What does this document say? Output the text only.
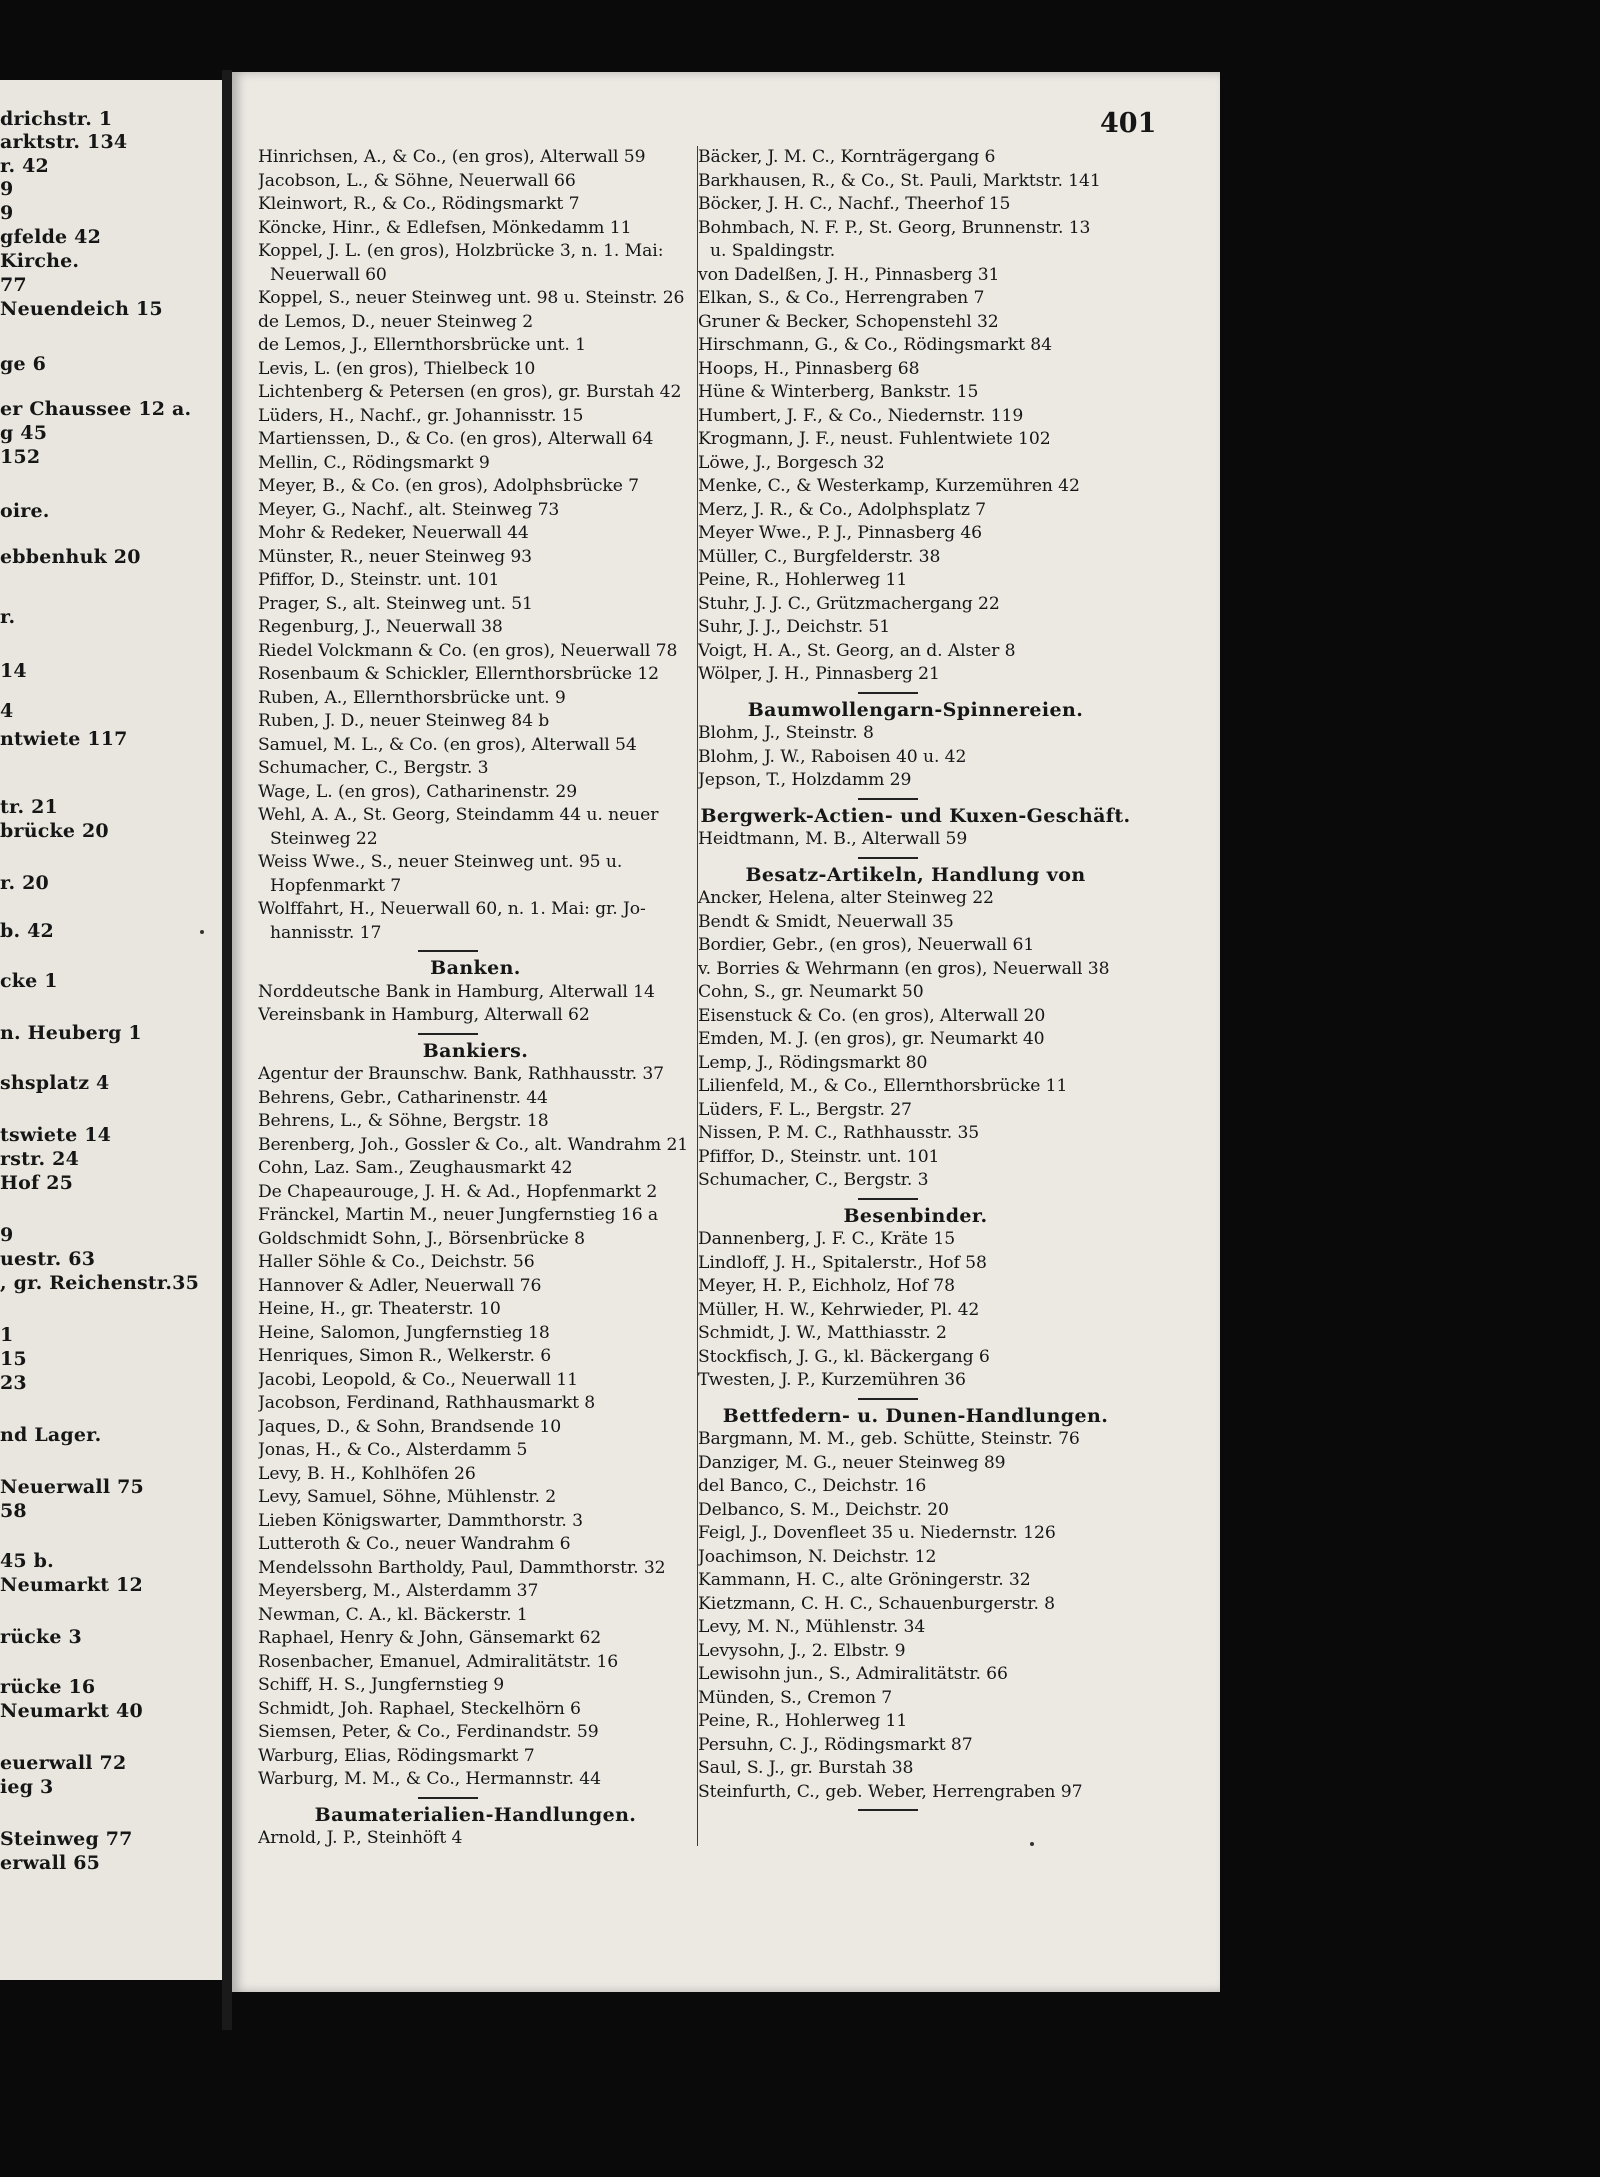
drichstr. 1
arktstr. 134
r. 42
9
9
gfelde 42
Kirche.
77
Neuendeich 15
ge 6
er Chaussee 12 a.
g 45
152
oire.
ebbenhuk 20
r.
14
4
ntwiete 117
tr. 21
brücke 20
r. 20
b. 42
cke 1
n. Heuberg 1
shsplatz 4
tswiete 14
rstr. 24
Hof 25
9
uestr. 63
, gr. Reichenstr.35
1
15
23
nd Lager.
Neuerwall 75
58
45 b.
Neumarkt 12
rücke 3
rücke 16
Neumarkt 40
euerwall 72
ieg 3
Steinweg 77
erwall 65
401
Hinrichsen, A., & Co., (en gros), Alterwall 59
Jacobson, L., & Söhne, Neuerwall 66
Kleinwort, R., & Co., Rödingsmarkt 7
Köncke, Hinr., & Edlefsen, Mönkedamm 11
Koppel, J. L. (en gros), Holzbrücke 3, n. 1. Mai:
Neuerwall 60
Koppel, S., neuer Steinweg unt. 98 u. Steinstr. 26
de Lemos, D., neuer Steinweg 2
de Lemos, J., Ellernthorsbrücke unt. 1
Levis, L. (en gros), Thielbeck 10
Lichtenberg & Petersen (en gros), gr. Burstah 42
Lüders, H., Nachf., gr. Johannisstr. 15
Martienssen, D., & Co. (en gros), Alterwall 64
Mellin, C., Rödingsmarkt 9
Meyer, B., & Co. (en gros), Adolphsbrücke 7
Meyer, G., Nachf., alt. Steinweg 73
Mohr & Redeker, Neuerwall 44
Münster, R., neuer Steinweg 93
Pfiffor, D., Steinstr. unt. 101
Prager, S., alt. Steinweg unt. 51
Regenburg, J., Neuerwall 38
Riedel Volckmann & Co. (en gros), Neuerwall 78
Rosenbaum & Schickler, Ellernthorsbrücke 12
Ruben, A., Ellernthorsbrücke unt. 9
Ruben, J. D., neuer Steinweg 84 b
Samuel, M. L., & Co. (en gros), Alterwall 54
Schumacher, C., Bergstr. 3
Wage, L. (en gros), Catharinenstr. 29
Wehl, A. A., St. Georg, Steindamm 44 u. neuer
Steinweg 22
Weiss Wwe., S., neuer Steinweg unt. 95 u.
Hopfenmarkt 7
Wolffahrt, H., Neuerwall 60, n. 1. Mai: gr. Jo-
hannisstr. 17
Banken.
Norddeutsche Bank in Hamburg, Alterwall 14
Vereinsbank in Hamburg, Alterwall 62
Bankiers.
Agentur der Braunschw. Bank, Rathhausstr. 37
Behrens, Gebr., Catharinenstr. 44
Behrens, L., & Söhne, Bergstr. 18
Berenberg, Joh., Gossler & Co., alt. Wandrahm 21
Cohn, Laz. Sam., Zeughausmarkt 42
De Chapeaurouge, J. H. & Ad., Hopfenmarkt 2
Fränckel, Martin M., neuer Jungfernstieg 16 a
Goldschmidt Sohn, J., Börsenbrücke 8
Haller Söhle & Co., Deichstr. 56
Hannover & Adler, Neuerwall 76
Heine, H., gr. Theaterstr. 10
Heine, Salomon, Jungfernstieg 18
Henriques, Simon R., Welkerstr. 6
Jacobi, Leopold, & Co., Neuerwall 11
Jacobson, Ferdinand, Rathhausmarkt 8
Jaques, D., & Sohn, Brandsende 10
Jonas, H., & Co., Alsterdamm 5
Levy, B. H., Kohlhöfen 26
Levy, Samuel, Söhne, Mühlenstr. 2
Lieben Königswarter, Dammthorstr. 3
Lutteroth & Co., neuer Wandrahm 6
Mendelssohn Bartholdy, Paul, Dammthorstr. 32
Meyersberg, M., Alsterdamm 37
Newman, C. A., kl. Bäckerstr. 1
Raphael, Henry & John, Gänsemarkt 62
Rosenbacher, Emanuel, Admiralitätstr. 16
Schiff, H. S., Jungfernstieg 9
Schmidt, Joh. Raphael, Steckelhörn 6
Siemsen, Peter, & Co., Ferdinandstr. 59
Warburg, Elias, Rödingsmarkt 7
Warburg, M. M., & Co., Hermannstr. 44
Baumaterialien-Handlungen.
Arnold, J. P., Steinhöft 4
Bäcker, J. M. C., Kornträgergang 6
Barkhausen, R., & Co., St. Pauli, Marktstr. 141
Böcker, J. H. C., Nachf., Theerhof 15
Bohmbach, N. F. P., St. Georg, Brunnenstr. 13
u. Spaldingstr.
von Dadelßen, J. H., Pinnasberg 31
Elkan, S., & Co., Herrengraben 7
Gruner & Becker, Schopenstehl 32
Hirschmann, G., & Co., Rödingsmarkt 84
Hoops, H., Pinnasberg 68
Hüne & Winterberg, Bankstr. 15
Humbert, J. F., & Co., Niedernstr. 119
Krogmann, J. F., neust. Fuhlentwiete 102
Löwe, J., Borgesch 32
Menke, C., & Westerkamp, Kurzemühren 42
Merz, J. R., & Co., Adolphsplatz 7
Meyer Wwe., P. J., Pinnasberg 46
Müller, C., Burgfelderstr. 38
Peine, R., Hohlerweg 11
Stuhr, J. J. C., Grützmachergang 22
Suhr, J. J., Deichstr. 51
Voigt, H. A., St. Georg, an d. Alster 8
Wölper, J. H., Pinnasberg 21
Baumwollengarn-Spinnereien.
Blohm, J., Steinstr. 8
Blohm, J. W., Raboisen 40 u. 42
Jepson, T., Holzdamm 29
Bergwerk-Actien- und Kuxen-Geschäft.
Heidtmann, M. B., Alterwall 59
Besatz-Artikeln, Handlung von
Ancker, Helena, alter Steinweg 22
Bendt & Smidt, Neuerwall 35
Bordier, Gebr., (en gros), Neuerwall 61
v. Borries & Wehrmann (en gros), Neuerwall 38
Cohn, S., gr. Neumarkt 50
Eisenstuck & Co. (en gros), Alterwall 20
Emden, M. J. (en gros), gr. Neumarkt 40
Lemp, J., Rödingsmarkt 80
Lilienfeld, M., & Co., Ellernthorsbrücke 11
Lüders, F. L., Bergstr. 27
Nissen, P. M. C., Rathhausstr. 35
Pfiffor, D., Steinstr. unt. 101
Schumacher, C., Bergstr. 3
Besenbinder.
Dannenberg, J. F. C., Kräte 15
Lindloff, J. H., Spitalerstr., Hof 58
Meyer, H. P., Eichholz, Hof 78
Müller, H. W., Kehrwieder, Pl. 42
Schmidt, J. W., Matthiasstr. 2
Stockfisch, J. G., kl. Bäckergang 6
Twesten, J. P., Kurzemühren 36
Bettfedern- u. Dunen-Handlungen.
Bargmann, M. M., geb. Schütte, Steinstr. 76
Danziger, M. G., neuer Steinweg 89
del Banco, C., Deichstr. 16
Delbanco, S. M., Deichstr. 20
Feigl, J., Dovenfleet 35 u. Niedernstr. 126
Joachimson, N. Deichstr. 12
Kammann, H. C., alte Gröningerstr. 32
Kietzmann, C. H. C., Schauenburgerstr. 8
Levy, M. N., Mühlenstr. 34
Levysohn, J., 2. Elbstr. 9
Lewisohn jun., S., Admiralitätstr. 66
Münden, S., Cremon 7
Peine, R., Hohlerweg 11
Persuhn, C. J., Rödingsmarkt 87
Saul, S. J., gr. Burstah 38
Steinfurth, C., geb. Weber, Herrengraben 97
